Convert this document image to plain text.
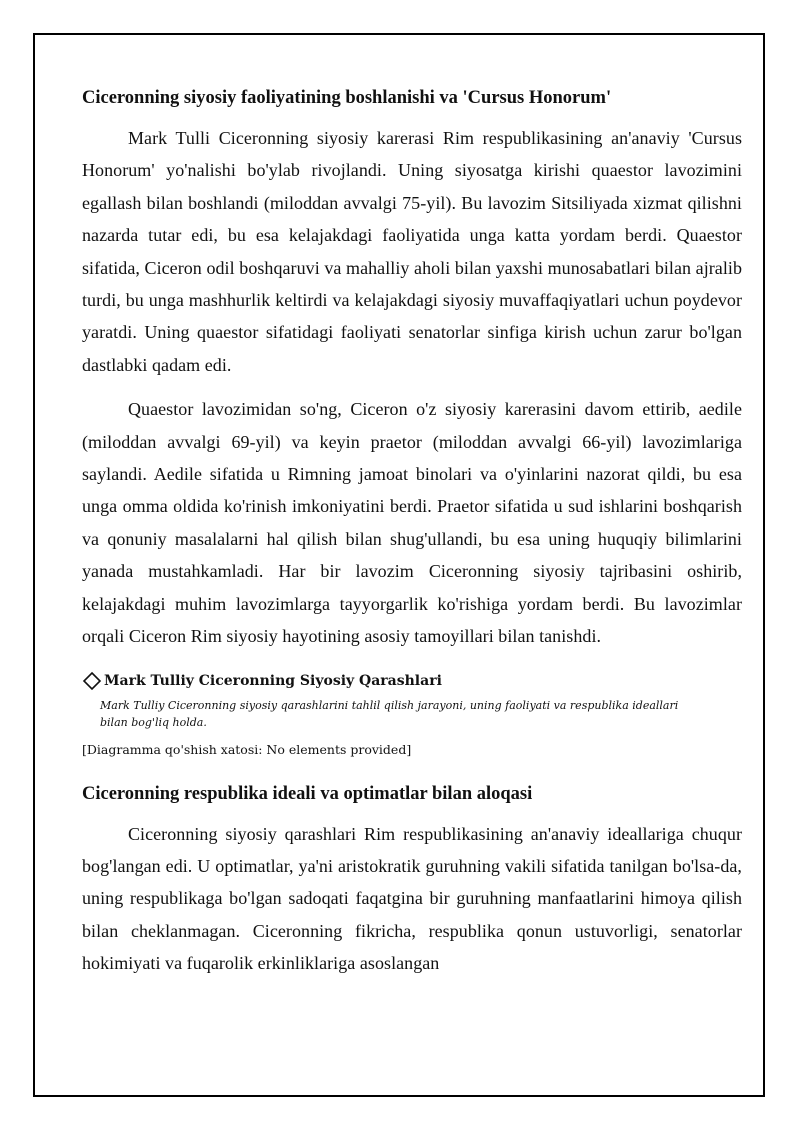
Ciceronning siyosiy faoliyatining boshlanishi va 'Cursus Honorum'

Mark Tulli Ciceronning siyosiy karerasi Rim respublikasining an'anaviy 'Cursus Honorum' yo'nalishi bo'ylab rivojlandi. Uning siyosatga kirishi quaestor lavozimini egallash bilan boshlandi (miloddan avvalgi 75-yil). Bu lavozim Sitsiliyada xizmat qilishni nazarda tutar edi, bu esa kelajakdagi faoliyatida unga katta yordam berdi. Quaestor sifatida, Ciceron odil boshqaruvi va mahalliy aholi bilan yaxshi munosabatlari bilan ajralib turdi, bu unga mashhurlik keltirdi va kelajakdagi siyosiy muvaffaqiyatlari uchun poydevor yaratdi. Uning quaestor sifatidagi faoliyati senatorlar sinfiga kirish uchun zarur bo'lgan dastlabki qadam edi.

Quaestor lavozimidan so'ng, Ciceron o'z siyosiy karerasini davom ettirib, aedile (miloddan avvalgi 69-yil) va keyin praetor (miloddan avvalgi 66-yil) lavozimlariga saylandi. Aedile sifatida u Rimning jamoat binolari va o'yinlarini nazorat qildi, bu esa unga omma oldida ko'rinish imkoniyatini berdi. Praetor sifatida u sud ishlarini boshqarish va qonuniy masalalarni hal qilish bilan shug'ullandi, bu esa uning huquqiy bilimlarini yanada mustahkamladi. Har bir lavozim Ciceronning siyosiy tajribasini oshirib, kelajakdagi muhim lavozimlarga tayyorgarlik ko'rishiga yordam berdi. Bu lavozimlar orqali Ciceron Rim siyosiy hayotining asosiy tamoyillari bilan tanishdi.

Mark Tulliy Ciceronning Siyosiy Qarashlari
Mark Tulliy Ciceronning siyosiy qarashlarini tahlil qilish jarayoni, uning faoliyati va respublika ideallari bilan bog'liq holda.
[Diagramma qo'shish xatosi: No elements provided]
Ciceronning respublika ideali va optimatlar bilan aloqasi

Ciceronning siyosiy qarashlari Rim respublikasining an'anaviy ideallariga chuqur bog'langan edi. U optimatlar, ya'ni aristokratik guruhning vakili sifatida tanilgan bo'lsa-da, uning respublikaga bo'lgan sadoqati faqatgina bir guruhning manfaatlarini himoya qilish bilan cheklanmagan. Ciceronning fikricha, respublika qonun ustuvorligi, senatorlar hokimiyati va fuqarolik erkinliklariga asoslangan
